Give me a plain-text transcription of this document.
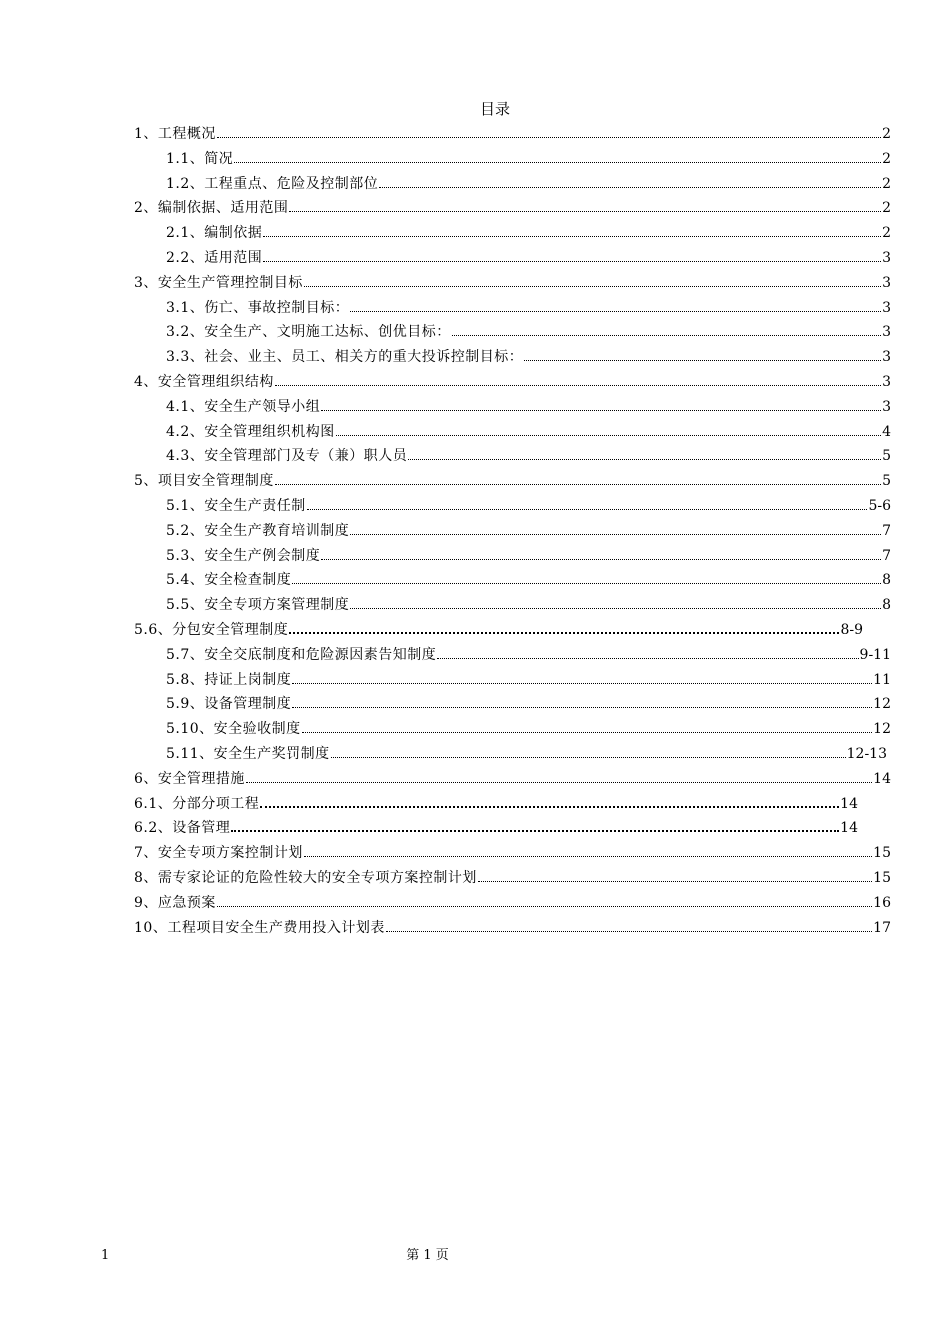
目录
1、工程概况	2
1.1、简况	2
1.2、工程重点、危险及控制部位	2
2、编制依据、适用范围	2
2.1、编制依据	2
2.2、适用范围	3
3、安全生产管理控制目标	3
3.1、伤亡、事故控制目标：	3
3.2、安全生产、文明施工达标、创优目标：	3
3.3、社会、业主、员工、相关方的重大投诉控制目标：	3
4、安全管理组织结构	3
4.1、安全生产领导小组	3
4.2、安全管理组织机构图	4
4.3、安全管理部门及专（兼）职人员	5
5、项目安全管理制度	5
5.1、安全生产责任制	5-6
5.2、安全生产教育培训制度	7
5.3、安全生产例会制度	7
5.4、安全检查制度	8
5.5、安全专项方案管理制度	8
5.6、分包安全管理制度	8-9
5.7、安全交底制度和危险源因素告知制度	9-11
5.8、持证上岗制度	11
5.9、设备管理制度	12
5.10、安全验收制度	12
5.11、安全生产奖罚制度	12-13
6、安全管理措施	14
6.1、分部分项工程	14
6.2、设备管理	14
7、安全专项方案控制计划	15
8、需专家论证的危险性较大的安全专项方案控制计划	15
9、应急预案	16
10、工程项目安全生产费用投入计划表	17
1	第 1 页
